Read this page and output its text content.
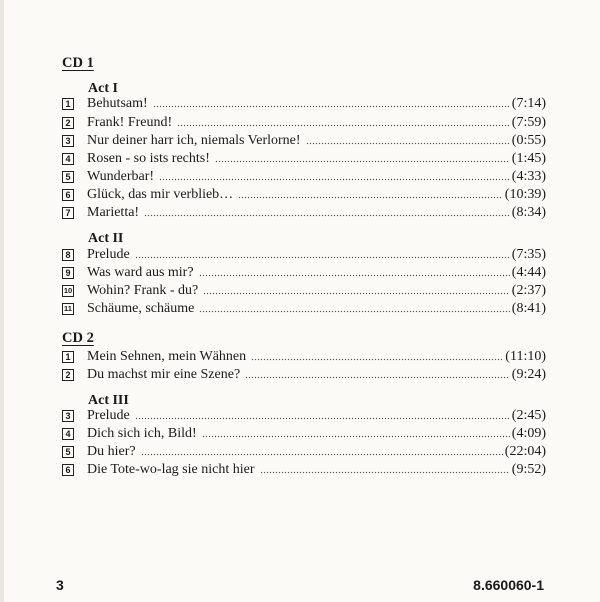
CD 1
Act I
1 Behutsam!	(7:14)
2 Frank! Freund!	(7:59)
3 Nur deiner harr ich, niemals Verlorne!	(0:55)
4 Rosen - so ists rechts!	(1:45)
5 Wunderbar!	(4:33)
6 Glück, das mir verblieb…	(10:39)
7 Marietta!	(8:34)
Act II
8 Prelude	(7:35)
9 Was ward aus mir?	(4:44)
10 Wohin? Frank - du?	(2:37)
11 Schäume, schäume	(8:41)
CD 2
1 Mein Sehnen, mein Wähnen	(11:10)
2 Du machst mir eine Szene?	(9:24)
Act III
3 Prelude	(2:45)
4 Dich sich ich, Bild!	(4:09)
5 Du hier?	(22:04)
6 Die Tote-wo-lag sie nicht hier	(9:52)
3	8.660060-1
